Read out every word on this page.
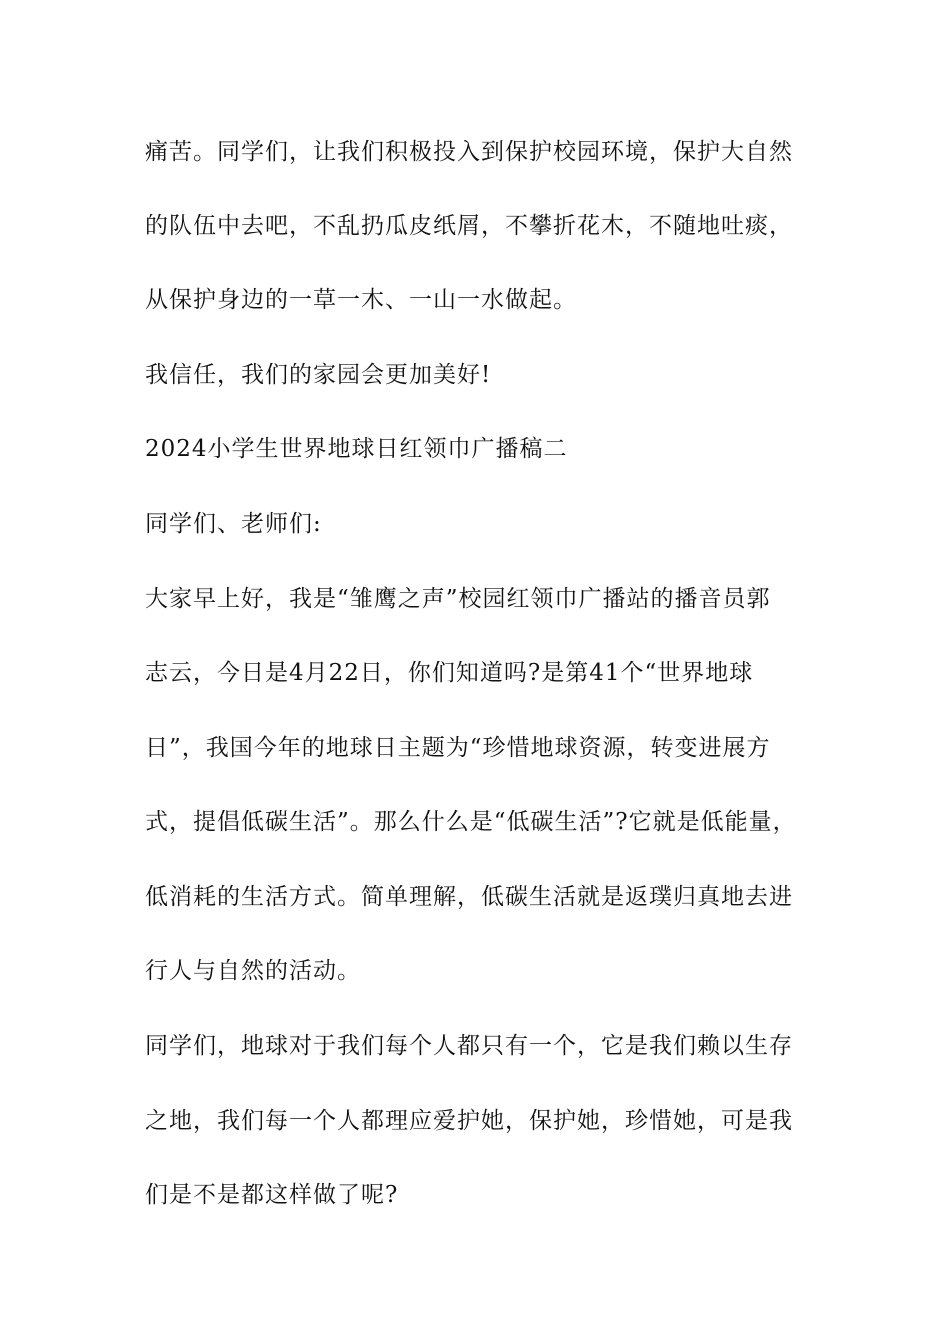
痛苦。同学们，让我们积极投入到保护校园环境，保护大自然
的队伍中去吧，不乱扔瓜皮纸屑，不攀折花木，不随地吐痰，
从保护身边的一草一木、一山一水做起。
我信任，我们的家园会更加美好!
2024小学生世界地球日红领巾广播稿二
同学们、老师们:
大家早上好，我是“雏鹰之声”校园红领巾广播站的播音员郭
志云，今日是4月22日，你们知道吗?是第41个“世界地球
日”，我国今年的地球日主题为“珍惜地球资源，转变进展方
式，提倡低碳生活”。那么什么是“低碳生活”?它就是低能量，
低消耗的生活方式。简单理解，低碳生活就是返璞归真地去进
行人与自然的活动。
同学们，地球对于我们每个人都只有一个，它是我们赖以生存
之地，我们每一个人都理应爱护她，保护她，珍惜她，可是我
们是不是都这样做了呢?
